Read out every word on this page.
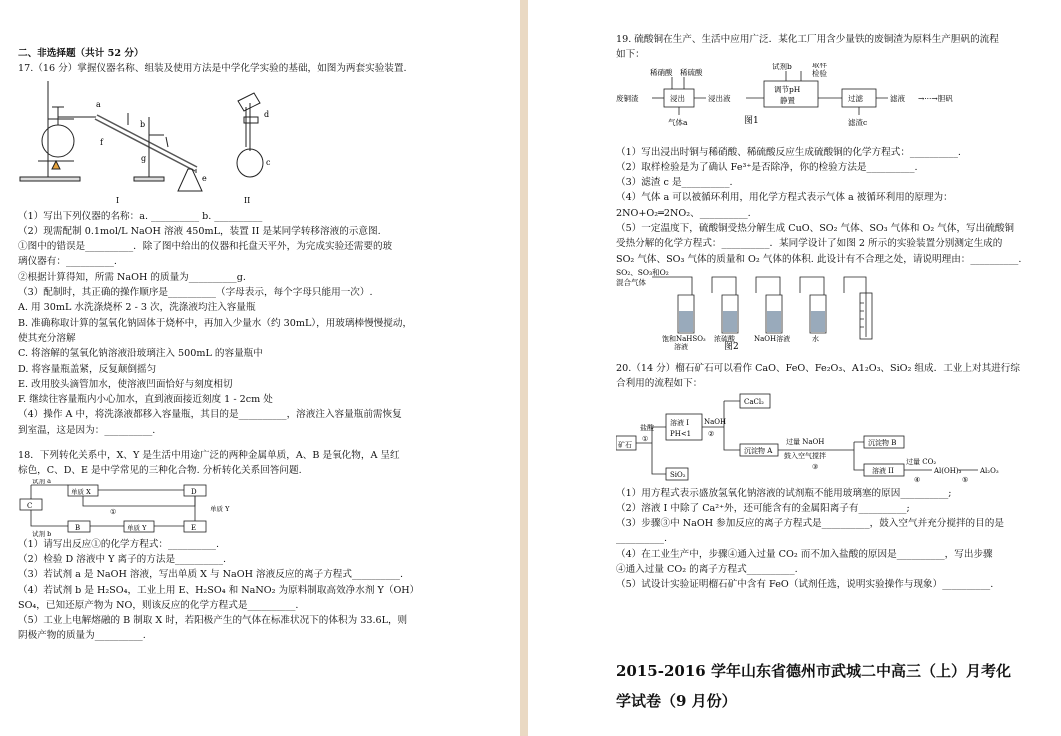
二、非选择题（共计 52 分）
17.（16 分）掌握仪器名称、组装及使用方法是中学化学实验的基础，如图为两套实验装置.
a
b
f
g
e
d
c
I	II
（1）写出下列仪器的名称：a. __________ b. __________
（2）现需配制 0.1mol/L NaOH 溶液 450mL，装置 II 是某同学转移溶液的示意图.
①图中的错误是__________．除了图中给出的仪器和托盘天平外，为完成实验还需要的玻
璃仪器有：__________.
②根据计算得知，所需 NaOH 的质量为__________g.
（3）配制时，其正确的操作顺序是__________（字母表示，每个字母只能用一次）.
A. 用 30mL 水洗涤烧杯 2 - 3 次，洗涤液均注入容量瓶
B. 准确称取计算的氢氧化钠固体于烧杯中，再加入少量水（约 30mL），用玻璃棒慢慢搅动，
使其充分溶解
C. 将溶解的氢氧化钠溶液沿玻璃注入 500mL 的容量瓶中
D. 将容量瓶盖紧，反复颠倒摇匀
E. 改用胶头滴管加水，使溶液凹面恰好与刻度相切
F. 继续往容量瓶内小心加水，直到液面接近刻度 1 - 2cm 处
（4）操作 A 中，将洗涤液都移入容量瓶，其目的是__________，溶液注入容量瓶前需恢复
到室温，这是因为：__________.
18．下列转化关系中，X、Y 是生活中用途广泛的两种金属单质，A、B 是氧化物，A 呈红
棕色，C、D、E 是中学常见的三种化合物. 分析转化关系回答问题.
试剂 a
单质 X	D
C
①	单质 Y
试剂 b
B	单质 Y	E
（1）请写出反应①的化学方程式：__________.
（2）检验 D 溶液中 Y 离子的方法是__________.
（3）若试剂 a 是 NaOH 溶液，写出单质 X 与 NaOH 溶液反应的离子方程式__________.
（4）若试剂 b 是 H₂SO₄，工业上用 E、H₂SO₄ 和 NaNO₂ 为原料制取高效净水剂 Y（OH）
SO₄，已知还原产物为 NO，则该反应的化学方程式是__________.
（5）工业上电解熔融的 B 制取 X 时，若阳极产生的气体在标准状况下的体积为 33.6L，则
阴极产物的质量为__________.
19. 硫酸铜在生产、生活中应用广泛．某化工厂用含少量铁的废铜渣为原料生产胆矾的流程
如下：
稀硝酸 稀硫酸
废铜渣	浸出	浸出液
试剂b	取样
检验
调节pH
静置	过滤	滤液 →···→胆矾
气体a	图1	滤渣c
（1）写出浸出时铜与稀硝酸、稀硫酸反应生成硫酸铜的化学方程式：__________.
（2）取样检验是为了确认 Fe³⁺是否除净，你的检验方法是__________.
（3）滤渣 c 是__________.
（4）气体 a 可以被循环利用，用化学方程式表示气体 a 被循环利用的原理为：
2NO+O₂═2NO₂、__________.
（5）一定温度下，硫酸铜受热分解生成 CuO、SO₂ 气体、SO₃ 气体和 O₂ 气体，写出硫酸铜
受热分解的化学方程式：__________．某同学设计了如图 2 所示的实验装置分别测定生成的
SO₂ 气体、SO₃ 气体的质量和 O₂ 气体的体积. 此设计有不合理之处，请说明理由：__________.
SO₂、SO₃和O₂
混合气体
饱和NaHSO₃
溶液
浓硫酸	NaOH溶液	水
图2
20.（14 分）榴石矿石可以看作 CaO、FeO、Fe₂O₃、A1₂O₃、SiO₂ 组成．工业上对其进行综
合利用的流程如下：
矿石
盐酸
①
溶液 I
PH<1
NaOH
②
CaCl₂
沉淀物 A
过量 NaOH
鼓入空气搅拌
③
沉淀物 B
溶液 II
过量 CO₂
④
Al(OH)₃
⑤
Al₂O₃
SiO₂
（1）用方程式表示盛放氢氧化钠溶液的试剂瓶不能用玻璃塞的原因__________;
（2）溶液 I 中除了 Ca²⁺外，还可能含有的金属阳离子有__________;
（3）步骤③中 NaOH 参加反应的离子方程式是__________，鼓入空气并充分搅拌的目的是
__________.
（4）在工业生产中，步骤④通入过量 CO₂ 而不加入盐酸的原因是__________，写出步骤
④通入过量 CO₂ 的离子方程式__________.
（5）试设计实验证明榴石矿中含有 FeO（试剂任选，说明实验操作与现象）__________.
2015-2016 学年山东省德州市武城二中高三（上）月考化
学试卷（9 月份）
